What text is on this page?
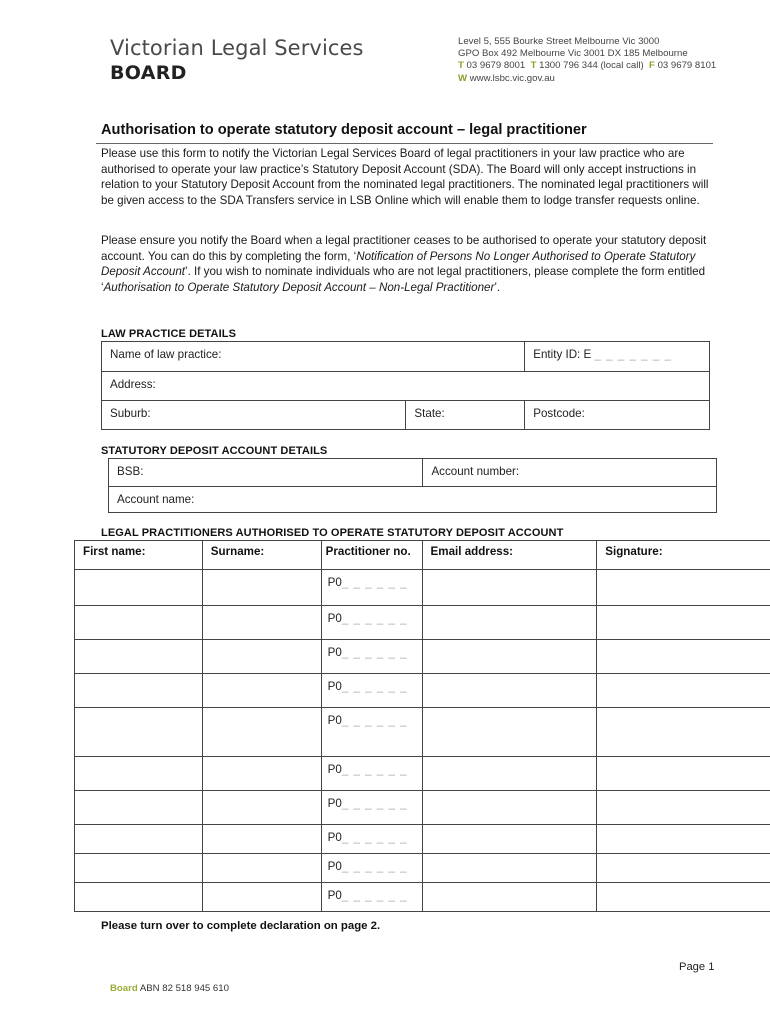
Victorian Legal Services
BOARD
Level 5, 555 Bourke Street Melbourne Vic 3000
GPO Box 492 Melbourne Vic 3001 DX 185 Melbourne
T 03 9679 8001 T 1300 796 344 (local call) F 03 9679 8101
W www.lsbc.vic.gov.au
Authorisation to operate statutory deposit account – legal practitioner
Please use this form to notify the Victorian Legal Services Board of legal practitioners in your law practice who are authorised to operate your law practice’s Statutory Deposit Account (SDA). The Board will only accept instructions in relation to your Statutory Deposit Account from the nominated legal practitioners. The nominated legal practitioners will be given access to the SDA Transfers service in LSB Online which will enable them to lodge transfer requests online.
Please ensure you notify the Board when a legal practitioner ceases to be authorised to operate your statutory deposit account. You can do this by completing the form, ‘Notification of Persons No Longer Authorised to Operate Statutory Deposit Account’. If you wish to nominate individuals who are not legal practitioners, please complete the form entitled ‘Authorisation to Operate Statutory Deposit Account – Non-Legal Practitioner’.
LAW PRACTICE DETAILS
Name of law practice:		Entity ID: E _ _ _ _ _ _ _
Address:		
Suburb:	State:	Postcode:
STATUTORY DEPOSIT ACCOUNT DETAILS
BSB:	Account number:
Account name:
LEGAL PRACTITIONERS AUTHORISED TO OPERATE STATUTORY DEPOSIT ACCOUNT
First name:	Surname:	Practitioner no.	Email address:	Signature:
		P0_ _ _ _ _ _		
		P0_ _ _ _ _ _		
		P0_ _ _ _ _ _		
		P0_ _ _ _ _ _		
		P0_ _ _ _ _ _		
		P0_ _ _ _ _ _		
		P0_ _ _ _ _ _		
		P0_ _ _ _ _ _		
		P0_ _ _ _ _ _		
		P0_ _ _ _ _ _		
Please turn over to complete declaration on page 2.
Page 1
Board ABN 82 518 945 610
